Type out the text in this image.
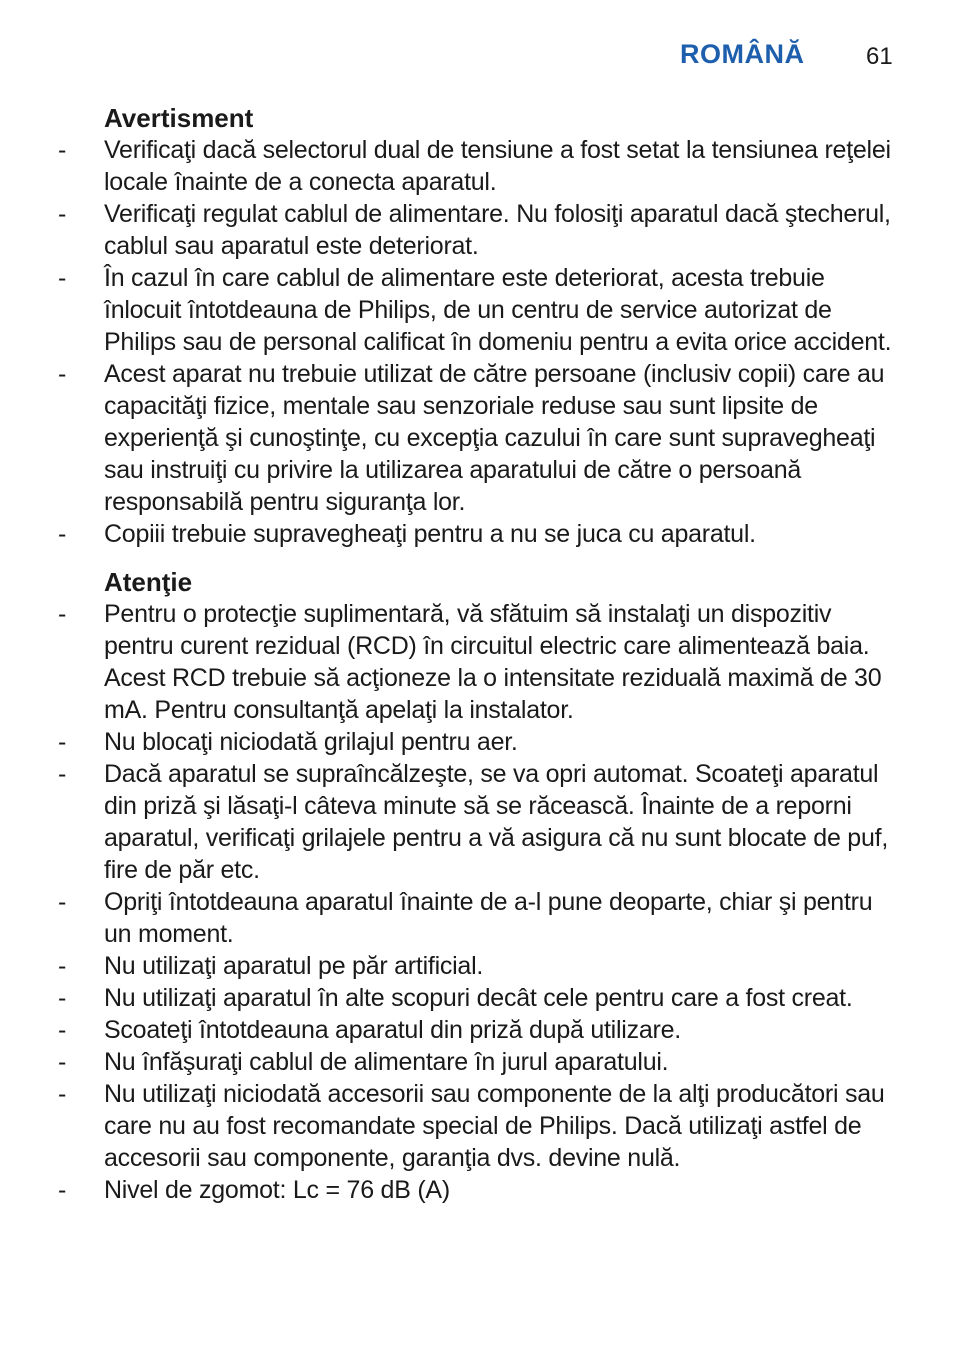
ROMÂNĂ	61
Avertisment
-	Verificaţi dacă selectorul dual de tensiune a fost setat la tensiunea reţelei locale înainte de a conecta aparatul.
-	Verificaţi regulat cablul de alimentare. Nu folosiţi aparatul dacă ştecherul, cablul sau aparatul este deteriorat.
-	În cazul în care cablul de alimentare este deteriorat, acesta trebuie înlocuit întotdeauna de Philips, de un centru de service autorizat de Philips sau de personal calificat în domeniu pentru a evita orice accident.
-	Acest aparat nu trebuie utilizat de către persoane (inclusiv copii) care au capacităţi fizice, mentale sau senzoriale reduse sau sunt lipsite de experienţă şi cunoştinţe, cu excepţia cazului în care sunt supravegheaţi sau instruiţi cu privire la utilizarea aparatului de către o persoană responsabilă pentru siguranţa lor.
-	Copiii trebuie supravegheaţi pentru a nu se juca cu aparatul.
Atenţie
-	Pentru o protecţie suplimentară, vă sfătuim să instalaţi un dispozitiv pentru curent rezidual (RCD) în circuitul electric care alimentează baia. Acest RCD trebuie să acţioneze la o intensitate reziduală maximă de 30 mA. Pentru consultanţă apelaţi la instalator.
-	Nu blocaţi niciodată grilajul pentru aer.
-	Dacă aparatul se supraîncălzeşte, se va opri automat. Scoateţi aparatul din priză şi lăsaţi-l câteva minute să se răcească. Înainte de a reporni aparatul, verificaţi grilajele pentru a vă asigura că nu sunt blocate de puf, fire de păr etc.
-	Opriţi întotdeauna aparatul înainte de a-l pune deoparte, chiar şi pentru un moment.
-	Nu utilizaţi aparatul pe păr artificial.
-	Nu utilizaţi aparatul în alte scopuri decât cele pentru care a fost creat.
-	Scoateţi întotdeauna aparatul din priză după utilizare.
-	Nu înfăşuraţi cablul de alimentare în jurul aparatului.
-	Nu utilizaţi niciodată accesorii sau componente de la alţi producători sau care nu au fost recomandate special de Philips. Dacă utilizaţi astfel de accesorii sau componente, garanţia dvs. devine nulă.
-	Nivel de zgomot: Lc = 76 dB (A)
